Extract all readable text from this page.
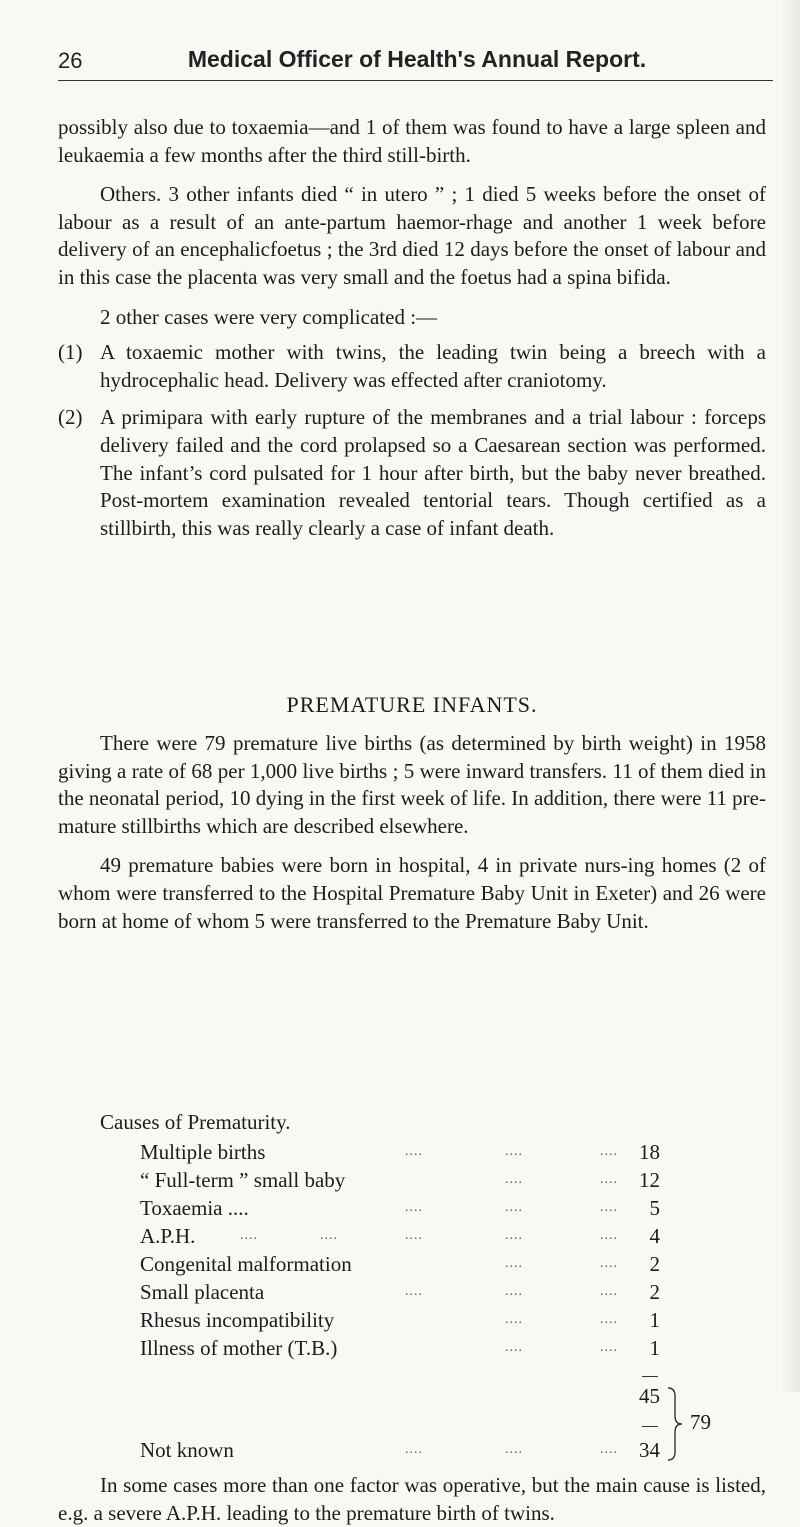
26	Medical Officer of Health's Annual Report.

possibly also due to toxaemia—and 1 of them was found to have a large spleen and leukaemia a few months after the third still-birth.

Others. 3 other infants died “ in utero ” ; 1 died 5 weeks before the onset of labour as a result of an ante-partum haemor-rhage and another 1 week before delivery of an encephalicfoetus ; the 3rd died 12 days before the onset of labour and in this case the placenta was very small and the foetus had a spina bifida.

2 other cases were very complicated :—

(1) A toxaemic mother with twins, the leading twin being a breech with a hydrocephalic head. Delivery was effected after craniotomy.
(2) A primipara with early rupture of the membranes and a trial labour : forceps delivery failed and the cord prolapsed so a Caesarean section was performed. The infant’s cord pulsated for 1 hour after birth, but the baby never breathed. Post-mortem examination revealed tentorial tears. Though certified as a stillbirth, this was really clearly a case of infant death.
PREMATURE INFANTS.

There were 79 premature live births (as determined by birth weight) in 1958 giving a rate of 68 per 1,000 live births ; 5 were inward transfers. 11 of them died in the neonatal period, 10 dying in the first week of life. In addition, there were 11 pre-mature stillbirths which are described elsewhere.

49 premature babies were born in hospital, 4 in private nurs-ing homes (2 of whom were transferred to the Hospital Premature Baby Unit in Exeter) and 26 were born at home of whom 5 were transferred to the Premature Baby Unit.

Causes of Prematurity.
Multiple births	....	....	.... 18
“ Full-term ” small baby	....	.... 12
Toxaemia ....	....	....	.... 5
A.P.H.	....	....	....	....	.... 4
Congenital malformation	....	.... 2
Small placenta	....	....	.... 2
Rhesus incompatibility	....	.... 1
Illness of mother (T.B.)	....	.... 1
45
Not known	....	....	.... 34
79
In some cases more than one factor was operative, but the main cause is listed, e.g. a severe A.P.H. leading to the premature birth of twins.
